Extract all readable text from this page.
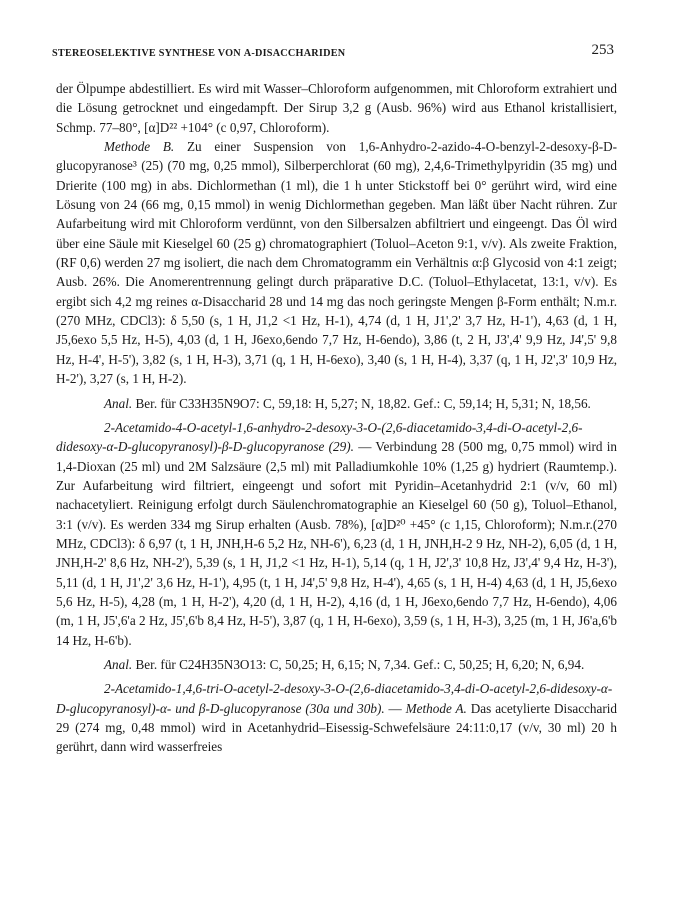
STEREOSELEKTIVE SYNTHESE VON Α-DISACCHARIDEN	253

der Ölpumpe abdestilliert. Es wird mit Wasser–Chloroform aufgenommen, mit Chloroform extrahiert und die Lösung getrocknet und eingedampft. Der Sirup 3,2 g (Ausb. 96%) wird aus Ethanol kristallisiert, Schmp. 77–80°, [α]D²² +104° (c 0,97, Chloroform).

Methode B. Zu einer Suspension von 1,6-Anhydro-2-azido-4-O-benzyl-2-desoxy-β-D-glucopyranose³ (25) (70 mg, 0,25 mmol), Silberperchlorat (60 mg), 2,4,6-Trimethylpyridin (35 mg) und Drierite (100 mg) in abs. Dichlormethan (1 ml), die 1 h unter Stickstoff bei 0° gerührt wird, wird eine Lösung von 24 (66 mg, 0,15 mmol) in wenig Dichlormethan gegeben. Man läßt über Nacht rühren. Zur Aufarbeitung wird mit Chloroform verdünnt, von den Silbersalzen abfiltriert und eingeengt. Das Öl wird über eine Säule mit Kieselgel 60 (25 g) chromatographiert (Toluol–Aceton 9:1, v/v). Als zweite Fraktion, (RF 0,6) werden 27 mg isoliert, die nach dem Chromatogramm ein Verhältnis α:β Glycosid von 4:1 zeigt; Ausb. 26%. Die Anomerentrennung gelingt durch präparative D.C. (Toluol–Ethylacetat, 13:1, v/v). Es ergibt sich 4,2 mg reines α-Disaccharid 28 und 14 mg das noch geringste Mengen β-Form enthält; N.m.r. (270 MHz, CDCl3): δ 5,50 (s, 1 H, J1,2 <1 Hz, H-1), 4,74 (d, 1 H, J1',2' 3,7 Hz, H-1'), 4,63 (d, 1 H, J5,6exo 5,5 Hz, H-5), 4,03 (d, 1 H, J6exo,6endo 7,7 Hz, H-6endo), 3,86 (t, 2 H, J3',4' 9,9 Hz, J4',5' 9,8 Hz, H-4', H-5'), 3,82 (s, 1 H, H-3), 3,71 (q, 1 H, H-6exo), 3,40 (s, 1 H, H-4), 3,37 (q, 1 H, J2',3' 10,9 Hz, H-2'), 3,27 (s, 1 H, H-2).

Anal. Ber. für C33H35N9O7: C, 59,18: H, 5,27; N, 18,82. Gef.: C, 59,14; H, 5,31; N, 18,56.

2-Acetamido-4-O-acetyl-1,6-anhydro-2-desoxy-3-O-(2,6-diacetamido-3,4-di-O-acetyl-2,6-didesoxy-α-D-glucopyranosyl)-β-D-glucopyranose (29). — Verbindung 28 (500 mg, 0,75 mmol) wird in 1,4-Dioxan (25 ml) und 2M Salzsäure (2,5 ml) mit Palladiumkohle 10% (1,25 g) hydriert (Raumtemp.). Zur Aufarbeitung wird filtriert, eingeengt und sofort mit Pyridin–Acetanhydrid 2:1 (v/v, 60 ml) nachacetyliert. Reinigung erfolgt durch Säulenchromatographie an Kieselgel 60 (50 g), Toluol–Ethanol, 3:1 (v/v). Es werden 334 mg Sirup erhalten (Ausb. 78%), [α]D²⁰ +45° (c 1,15, Chloroform); N.m.r.(270 MHz, CDCl3): δ 6,97 (t, 1 H, JNH,H-6 5,2 Hz, NH-6'), 6,23 (d, 1 H, JNH,H-2 9 Hz, NH-2), 6,05 (d, 1 H, JNH,H-2' 8,6 Hz, NH-2'), 5,39 (s, 1 H, J1,2 <1 Hz, H-1), 5,14 (q, 1 H, J2',3' 10,8 Hz, J3',4' 9,4 Hz, H-3'), 5,11 (d, 1 H, J1',2' 3,6 Hz, H-1'), 4,95 (t, 1 H, J4',5' 9,8 Hz, H-4'), 4,65 (s, 1 H, H-4) 4,63 (d, 1 H, J5,6exo 5,6 Hz, H-5), 4,28 (m, 1 H, H-2'), 4,20 (d, 1 H, H-2), 4,16 (d, 1 H, J6exo,6endo 7,7 Hz, H-6endo), 4,06 (m, 1 H, J5',6'a 2 Hz, J5',6'b 8,4 Hz, H-5'), 3,87 (q, 1 H, H-6exo), 3,59 (s, 1 H, H-3), 3,25 (m, 1 H, J6'a,6'b 14 Hz, H-6'b).

Anal. Ber. für C24H35N3O13: C, 50,25; H, 6,15; N, 7,34. Gef.: C, 50,25; H, 6,20; N, 6,94.

2-Acetamido-1,4,6-tri-O-acetyl-2-desoxy-3-O-(2,6-diacetamido-3,4-di-O-acetyl-2,6-didesoxy-α-D-glucopyranosyl)-α- und β-D-glucopyranose (30a und 30b). — Methode A. Das acetylierte Disaccharid 29 (274 mg, 0,48 mmol) wird in Acetanhydrid–Eisessig-Schwefelsäure 24:11:0,17 (v/v, 30 ml) 20 h gerührt, dann wird wasserfreies
